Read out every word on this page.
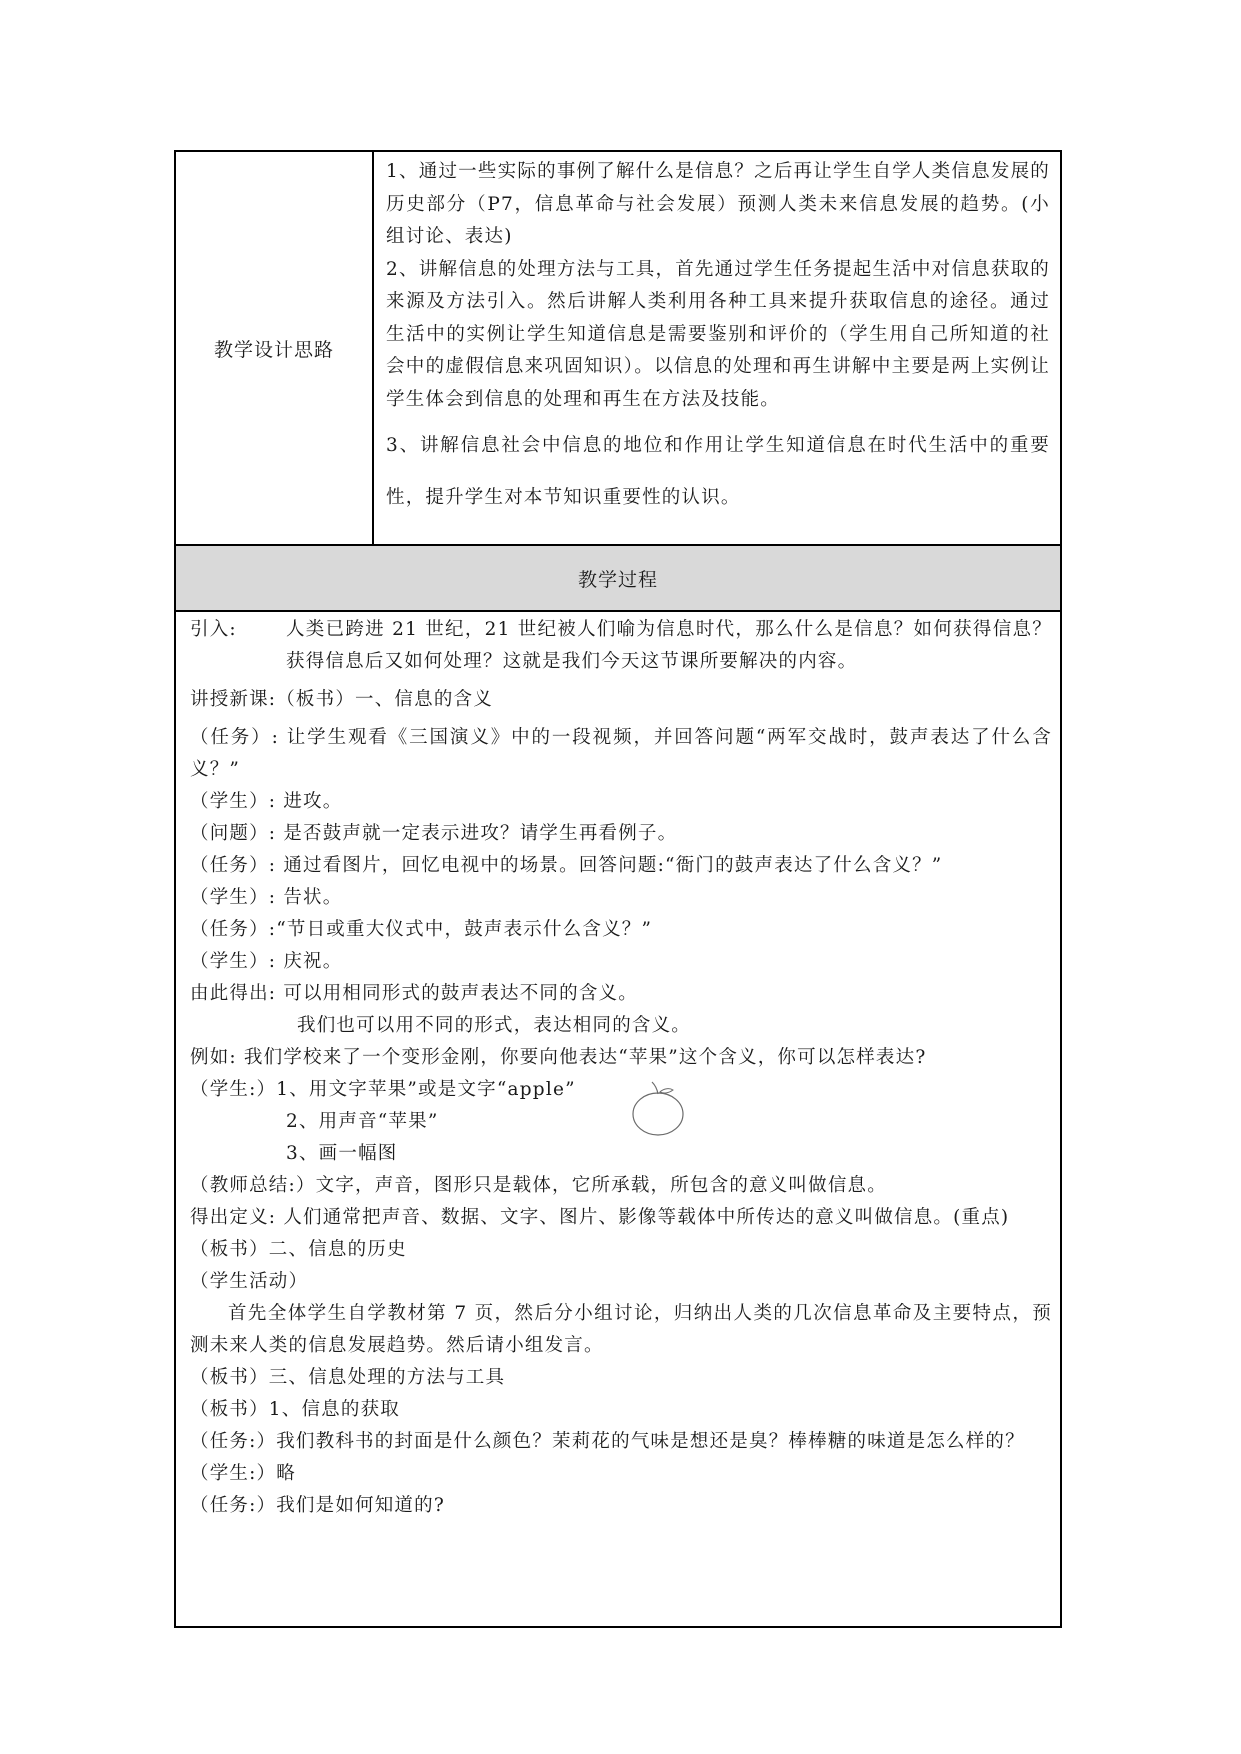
教学设计思路

1、通过一些实际的事例了解什么是信息？之后再让学生自学人类信息发展的历史部分（P7，信息革命与社会发展）预测人类未来信息发展的趋势。(小组讨论、表达)

2、讲解信息的处理方法与工具，首先通过学生任务提起生活中对信息获取的来源及方法引入。然后讲解人类利用各种工具来提升获取信息的途径。通过生活中的实例让学生知道信息是需要鉴别和评价的（学生用自己所知道的社会中的虚假信息来巩固知识）。以信息的处理和再生讲解中主要是两上实例让学生体会到信息的处理和再生在方法及技能。

3、讲解信息社会中信息的地位和作用让学生知道信息在时代生活中的重要性，提升学生对本节知识重要性的认识。

教学过程
引入:	人类已跨进 21 世纪，21 世纪被人们喻为信息时代，那么什么是信息？如何获得信息？获得信息后又如何处理？这就是我们今天这节课所要解决的内容。
讲授新课:（板书）一、信息的含义
（任务）: 让学生观看《三国演义》中的一段视频，并回答问题“两军交战时，鼓声表达了什么含义？”
（学生）: 进攻。
（问题）: 是否鼓声就一定表示进攻？请学生再看例子。
（任务）: 通过看图片，回忆电视中的场景。回答问题:“衙门的鼓声表达了什么含义？”
（学生）: 告状。
（任务）:“节日或重大仪式中，鼓声表示什么含义？”
（学生）: 庆祝。
由此得出: 可以用相同形式的鼓声表达不同的含义。
我们也可以用不同的形式，表达相同的含义。
例如: 我们学校来了一个变形金刚，你要向他表达“苹果”这个含义，你可以怎样表达?
（学生:）1、用文字苹果”或是文字“apple”
2、用声音“苹果”
3、画一幅图
（教师总结:）文字，声音，图形只是载体，它所承载，所包含的意义叫做信息。
得出定义: 人们通常把声音、数据、文字、图片、影像等载体中所传达的意义叫做信息。(重点)
（板书）二、信息的历史
（学生活动）
首先全体学生自学教材第 7 页，然后分小组讨论，归纳出人类的几次信息革命及主要特点，预测未来人类的信息发展趋势。然后请小组发言。
（板书）三、信息处理的方法与工具
（板书）1、信息的获取
（任务:）我们教科书的封面是什么颜色？茉莉花的气味是想还是臭？棒棒糖的味道是怎么样的？
（学生:）略
（任务:）我们是如何知道的?
